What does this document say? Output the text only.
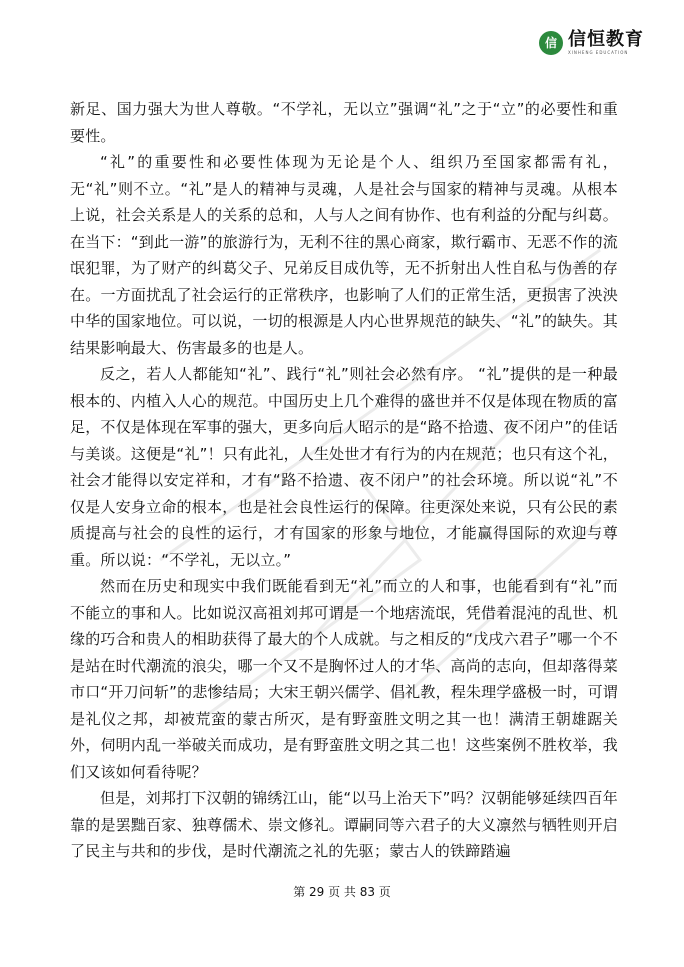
信 信恒教育
XINHENG EDUCATION

新足、国力强大为世人尊敬。“不学礼，无以立”强调“礼”之于“立”的必要性和重要性。

“礼”的重要性和必要性体现为无论是个人、组织乃至国家都需有礼，无“礼”则不立。“礼”是人的精神与灵魂，人是社会与国家的精神与灵魂。从根本上说，社会关系是人的关系的总和，人与人之间有协作、也有利益的分配与纠葛。在当下：“到此一游”的旅游行为，无利不往的黑心商家，欺行霸市、无恶不作的流氓犯罪，为了财产的纠葛父子、兄弟反目成仇等，无不折射出人性自私与伪善的存在。一方面扰乱了社会运行的正常秩序，也影响了人们的正常生活，更损害了泱泱中华的国家地位。可以说，一切的根源是人内心世界规范的缺失、“礼”的缺失。其结果影响最大、伤害最多的也是人。

反之，若人人都能知“礼”、践行“礼”则社会必然有序。 “礼”提供的是一种最根本的、内植入人心的规范。中国历史上几个难得的盛世并不仅是体现在物质的富足，不仅是体现在军事的强大，更多向后人昭示的是“路不拾遗、夜不闭户”的佳话与美谈。这便是“礼”！只有此礼，人生处世才有行为的内在规范；也只有这个礼，社会才能得以安定祥和，才有“路不拾遗、夜不闭户”的社会环境。所以说“礼”不仅是人安身立命的根本，也是社会良性运行的保障。往更深处来说，只有公民的素质提高与社会的良性的运行，才有国家的形象与地位，才能赢得国际的欢迎与尊重。所以说：“不学礼，无以立。”

然而在历史和现实中我们既能看到无“礼”而立的人和事，也能看到有“礼”而不能立的事和人。比如说汉高祖刘邦可谓是一个地痞流氓，凭借着混沌的乱世、机缘的巧合和贵人的相助获得了最大的个人成就。与之相反的“戊戌六君子”哪一个不是站在时代潮流的浪尖，哪一个又不是胸怀过人的才华、高尚的志向，但却落得菜市口“开刀问斩”的悲惨结局；大宋王朝兴儒学、倡礼教，程朱理学盛极一时，可谓是礼仪之邦，却被荒蛮的蒙古所灭，是有野蛮胜文明之其一也！满清王朝雄踞关外，伺明内乱一举破关而成功，是有野蛮胜文明之其二也！这些案例不胜枚举，我们又该如何看待呢？

但是，刘邦打下汉朝的锦绣江山，能“以马上治天下”吗？汉朝能够延续四百年靠的是罢黜百家、独尊儒术、崇文修礼。谭嗣同等六君子的大义凛然与牺牲则开启了民主与共和的步伐，是时代潮流之礼的先驱；蒙古人的铁蹄踏遍

第 29 页 共 83 页
